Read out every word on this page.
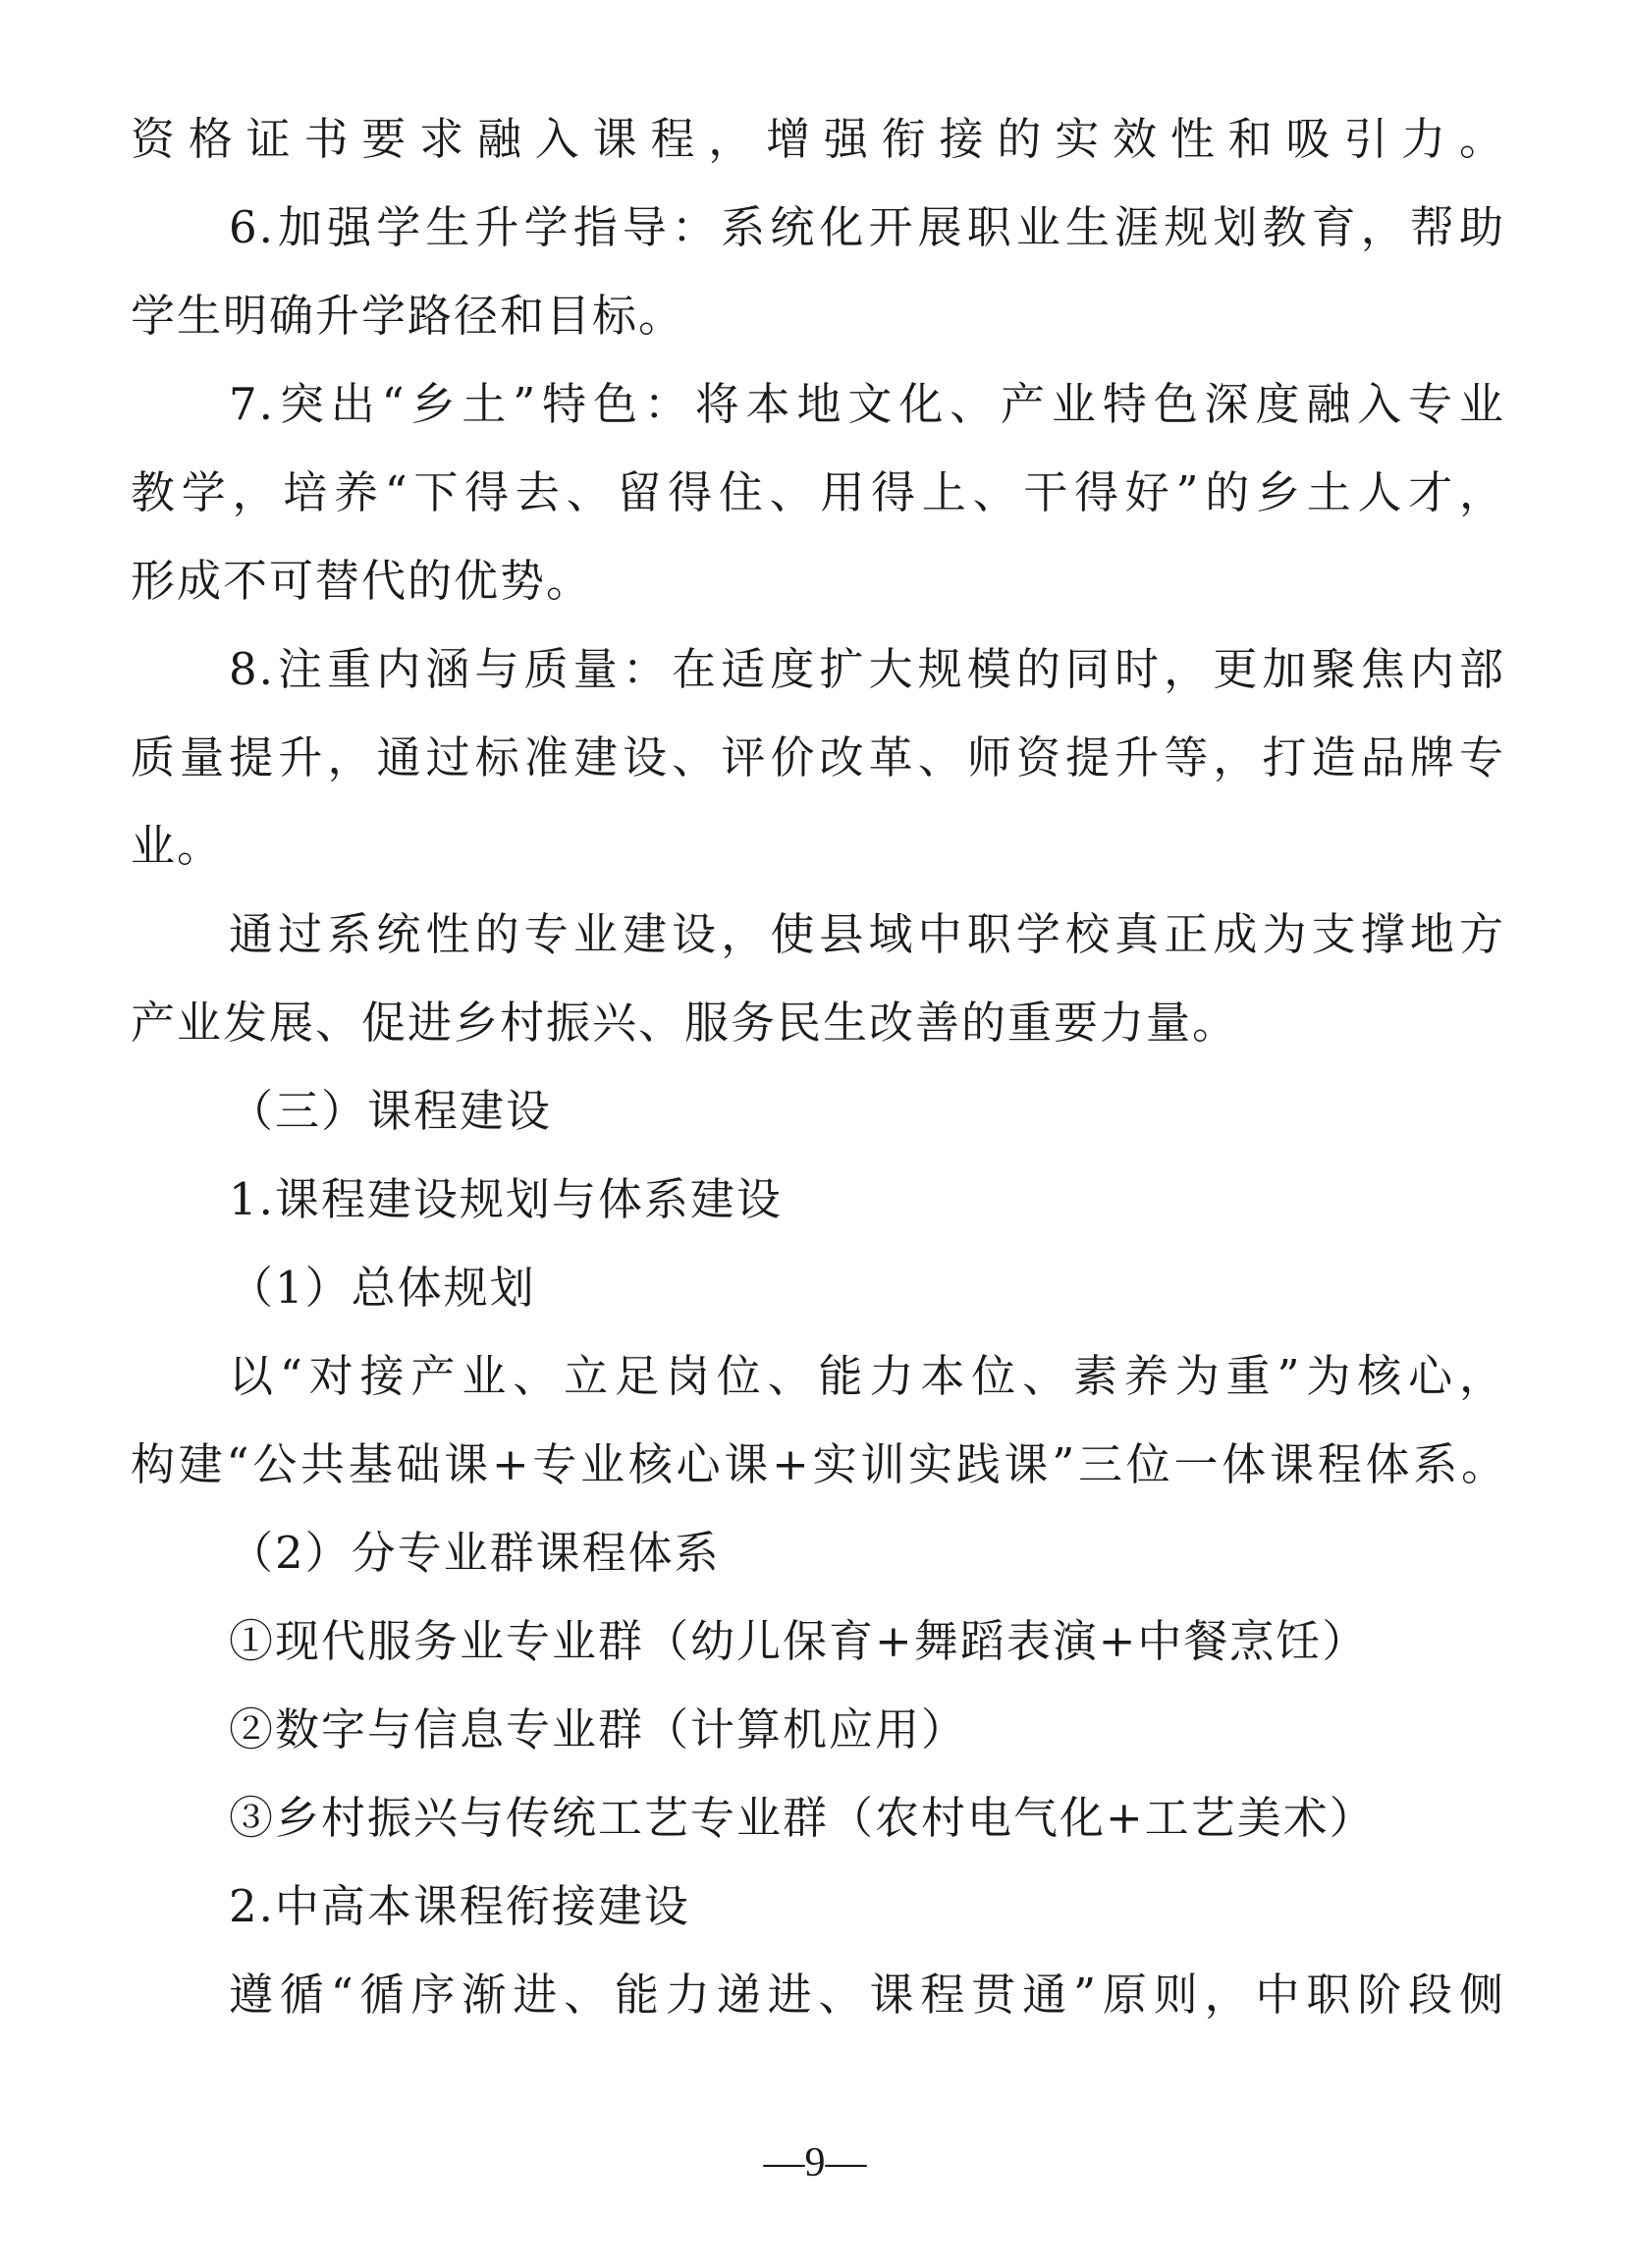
资格证书要求融入课程，增强衔接的实效性和吸引力。
6.加强学生升学指导：系统化开展职业生涯规划教育，帮助
学生明确升学路径和目标。
7.突出“乡土”特色：将本地文化、产业特色深度融入专业
教学，培养“下得去、留得住、用得上、干得好”的乡土人才，
形成不可替代的优势。
8.注重内涵与质量：在适度扩大规模的同时，更加聚焦内部
质量提升，通过标准建设、评价改革、师资提升等，打造品牌专
业。
通过系统性的专业建设，使县域中职学校真正成为支撑地方
产业发展、促进乡村振兴、服务民生改善的重要力量。
（三）课程建设
1.课程建设规划与体系建设
（1）总体规划
以“对接产业、立足岗位、能力本位、素养为重”为核心，
构建“公共基础课+专业核心课+实训实践课”三位一体课程体系。
（2）分专业群课程体系
①现代服务业专业群（幼儿保育+舞蹈表演+中餐烹饪）
②数字与信息专业群（计算机应用）
③乡村振兴与传统工艺专业群（农村电气化+工艺美术）
2.中高本课程衔接建设
遵循“循序渐进、能力递进、课程贯通”原则，中职阶段侧
—9—
